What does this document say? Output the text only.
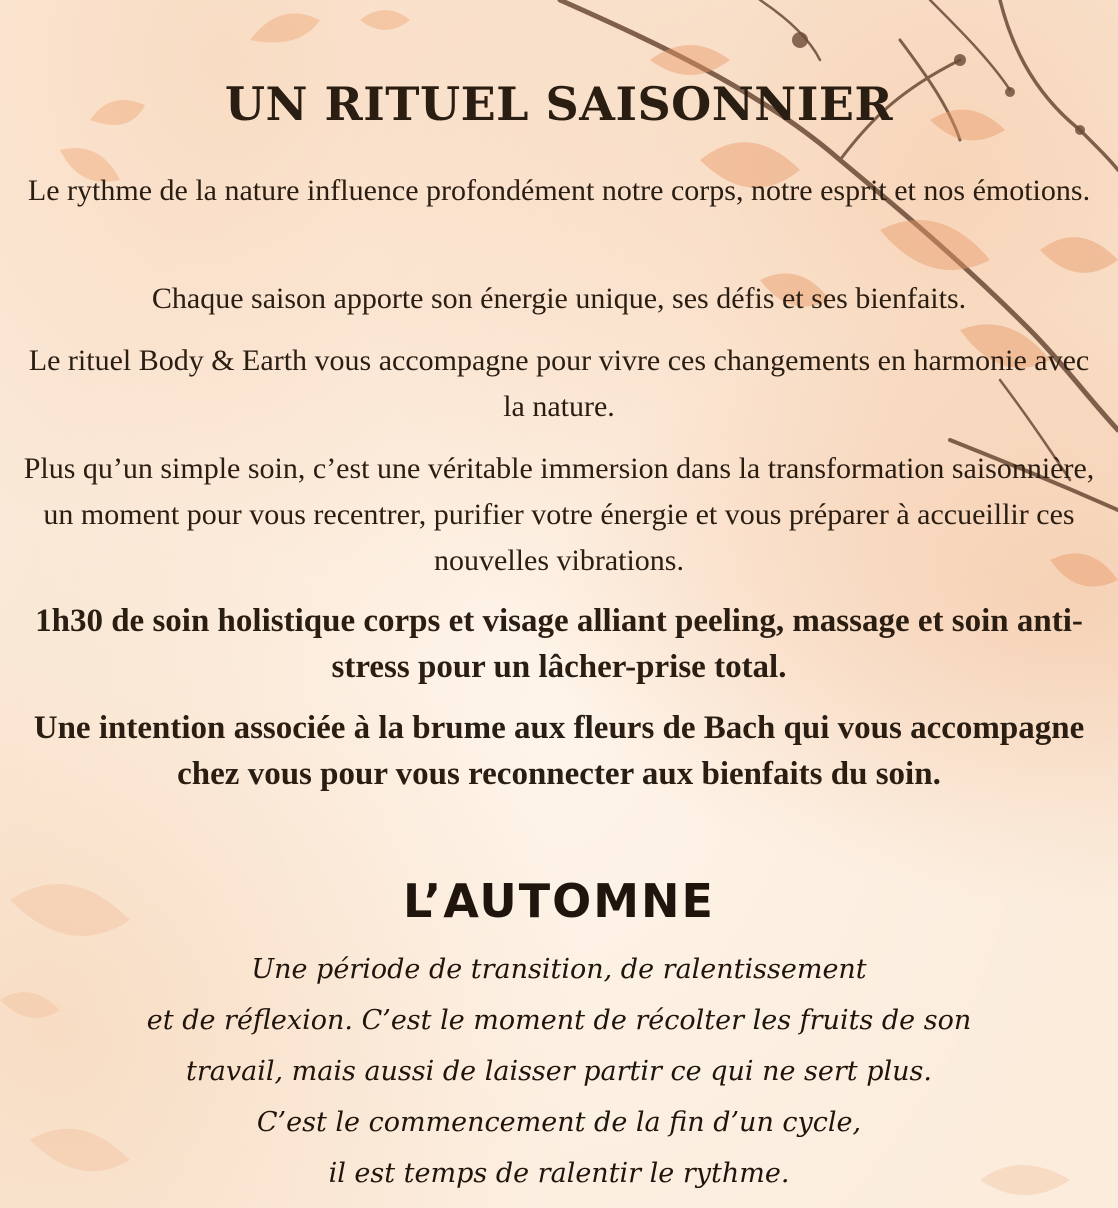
UN RITUEL SAISONNIER

Le rythme de la nature influence profondément notre corps, notre esprit et nos émotions.

Chaque saison apporte son énergie unique, ses défis et ses bienfaits.

Le rituel Body & Earth vous accompagne pour vivre ces changements en harmonie avec la nature.

Plus qu’un simple soin, c’est une véritable immersion dans la transformation saisonnière, un moment pour vous recentrer, purifier votre énergie et vous préparer à accueillir ces nouvelles vibrations.

1h30 de soin holistique corps et visage alliant peeling, massage et soin anti-stress pour un lâcher-prise total.

Une intention associée à la brume aux fleurs de Bach qui vous accompagne chez vous pour vous reconnecter aux bienfaits du soin.

L’AUTOMNE

Une période de transition, de ralentissement
et de réflexion. C’est le moment de récolter les fruits de son
travail, mais aussi de laisser partir ce qui ne sert plus.
C’est le commencement de la fin d’un cycle,
il est temps de ralentir le rythme.
